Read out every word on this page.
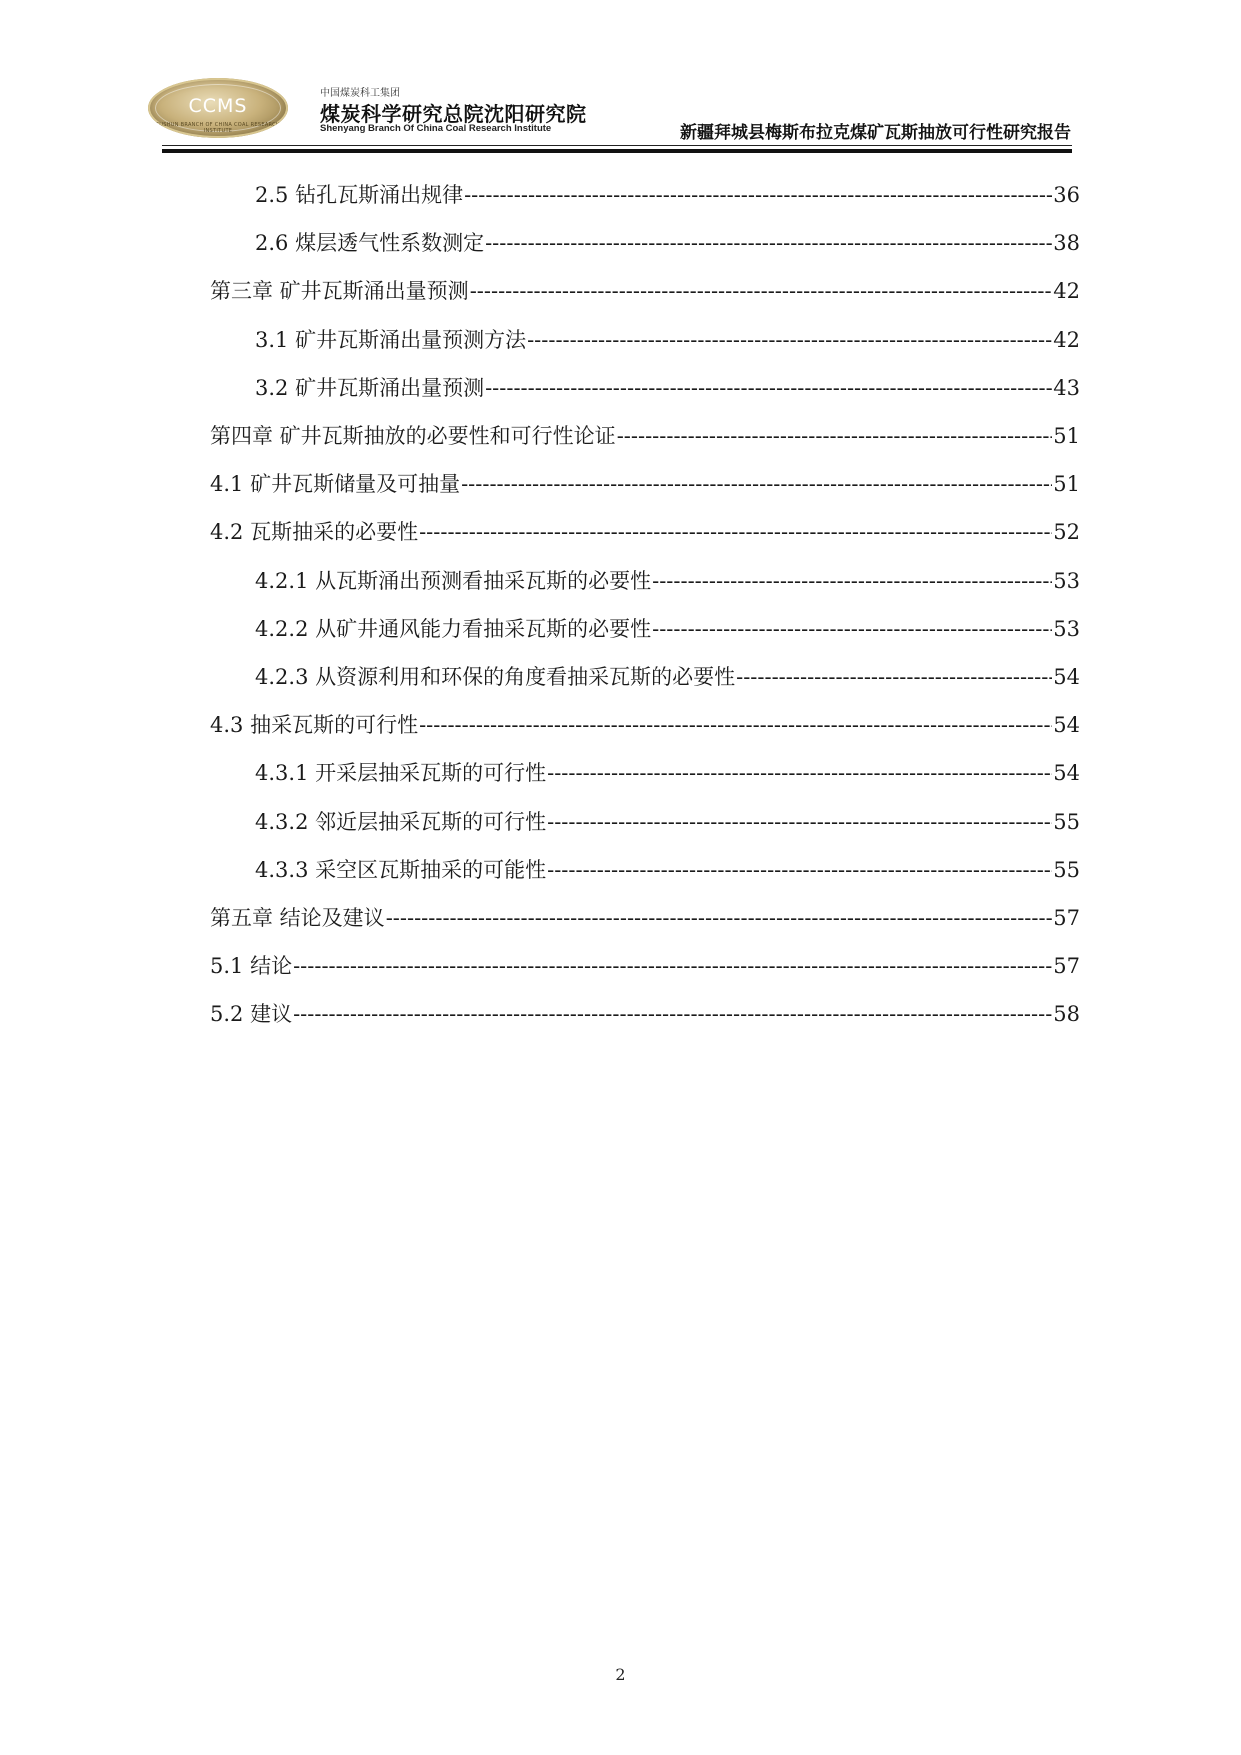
CCMS
FUSHUN BRANCH OF CHINA COAL RESEARCH INSTITUTE
中国煤炭科工集团
煤炭科学研究总院沈阳研究院
Shenyang Branch Of China Coal Research Institute	新疆拜城县梅斯布拉克煤矿瓦斯抽放可行性研究报告
2.5 钻孔瓦斯涌出规律 -----	36
2.6 煤层透气性系数测定 -----	38
第三章 矿井瓦斯涌出量预测 -----	42
3.1 矿井瓦斯涌出量预测方法 -----	42
3.2 矿井瓦斯涌出量预测 -----	43
第四章 矿井瓦斯抽放的必要性和可行性论证 -----	51
4.1 矿井瓦斯储量及可抽量 -----	51
4.2 瓦斯抽采的必要性 -----	52
4.2.1 从瓦斯涌出预测看抽采瓦斯的必要性 -----	53
4.2.2 从矿井通风能力看抽采瓦斯的必要性 -----	53
4.2.3 从资源利用和环保的角度看抽采瓦斯的必要性 -----	54
4.3 抽采瓦斯的可行性 -----	54
4.3.1 开采层抽采瓦斯的可行性 -----	54
4.3.2 邻近层抽采瓦斯的可行性 -----	55
4.3.3 采空区瓦斯抽采的可能性 -----	55
第五章 结论及建议 -----	57
5.1 结论 -----	57
5.2 建议 -----	58
2
